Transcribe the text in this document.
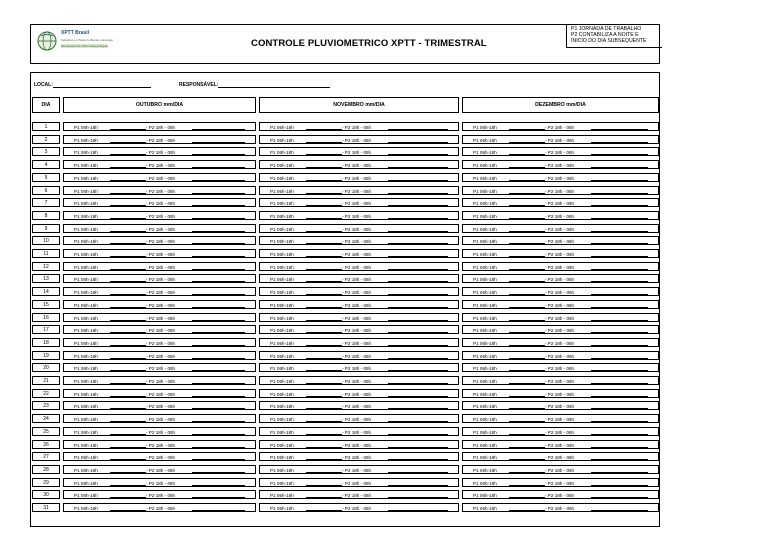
XPTT Brasil
Soluções em Meio Ambiente e Energia
Monitoramento Hidrometeorológico	CONTROLE PLUVIOMETRICO XPTT - TRIMESTRAL
P1 JORNADA DE TRABALHO
P2 CONTABILIZA A NOITE E
INICIO DO DIA SUBSEQUENTE
LOCAL:	RESPONSÁVEL:
DIA	OUTUBRO mm/DIA	NOVEMBRO mm/DIA	DEZEMBRO mm/DIA
1	P1 06h-18h	- P2 18h - 06h	P1 06h-18h	- P2 18h - 06h	P1 06h-18h	- P2 18h - 06h
2	P1 06h-18h	- P2 18h - 06h	P1 06h-18h	- P2 18h - 06h	P1 06h-18h	- P2 18h - 06h
3	P1 06h-18h	- P2 18h - 06h	P1 06h-18h	- P2 18h - 06h	P1 06h-18h	- P2 18h - 06h
4	P1 06h-18h	- P2 18h - 06h	P1 06h-18h	- P2 18h - 06h	P1 06h-18h	- P2 18h - 06h
5	P1 06h-18h	- P2 18h - 06h	P1 06h-18h	- P2 18h - 06h	P1 06h-18h	- P2 18h - 06h
6	P1 06h-18h	- P2 18h - 06h	P1 06h-18h	- P2 18h - 06h	P1 06h-18h	- P2 18h - 06h
7	P1 06h-18h	- P2 18h - 06h	P1 06h-18h	- P2 18h - 06h	P1 06h-18h	- P2 18h - 06h
8	P1 06h-18h	- P2 18h - 06h	P1 06h-18h	- P2 18h - 06h	P1 06h-18h	- P2 18h - 06h
9	P1 06h-18h	- P2 18h - 06h	P1 06h-18h	- P2 18h - 06h	P1 06h-18h	- P2 18h - 06h
10	P1 06h-18h	- P2 18h - 06h	P1 06h-18h	- P2 18h - 06h	P1 06h-18h	- P2 18h - 06h
11	P1 06h-18h	- P2 18h - 06h	P1 06h-18h	- P2 18h - 06h	P1 06h-18h	- P2 18h - 06h
12	P1 06h-18h	- P2 18h - 06h	P1 06h-18h	- P2 18h - 06h	P1 06h-18h	- P2 18h - 06h
13	P1 06h-18h	- P2 18h - 06h	P1 06h-18h	- P2 18h - 06h	P1 06h-18h	- P2 18h - 06h
14	P1 06h-18h	- P2 18h - 06h	P1 06h-18h	- P2 18h - 06h	P1 06h-18h	- P2 18h - 06h
15	P1 06h-18h	- P2 18h - 06h	P1 06h-18h	- P2 18h - 06h	P1 06h-18h	- P2 18h - 06h
16	P1 06h-18h	- P2 18h - 06h	P1 06h-18h	- P2 18h - 06h	P1 06h-18h	- P2 18h - 06h
17	P1 06h-18h	- P2 18h - 06h	P1 06h-18h	- P2 18h - 06h	P1 06h-18h	- P2 18h - 06h
18	P1 06h-18h	- P2 18h - 06h	P1 06h-18h	- P2 18h - 06h	P1 06h-18h	- P2 18h - 06h
19	P1 06h-18h	- P2 18h - 06h	P1 06h-18h	- P2 18h - 06h	P1 06h-18h	- P2 18h - 06h
20	P1 06h-18h	- P2 18h - 06h	P1 06h-18h	- P2 18h - 06h	P1 06h-18h	- P2 18h - 06h
21	P1 06h-18h	- P2 18h - 06h	P1 06h-18h	- P2 18h - 06h	P1 06h-18h	- P2 18h - 06h
22	P1 06h-18h	- P2 18h - 06h	P1 06h-18h	- P2 18h - 06h	P1 06h-18h	- P2 18h - 06h
23	P1 06h-18h	- P2 18h - 06h	P1 06h-18h	- P2 18h - 06h	P1 06h-18h	- P2 18h - 06h
24	P1 06h-18h	- P2 18h - 06h	P1 06h-18h	- P2 18h - 06h	P1 06h-18h	- P2 18h - 06h
25	P1 06h-18h	- P2 18h - 06h	P1 06h-18h	- P2 18h - 06h	P1 06h-18h	- P2 18h - 06h
26	P1 06h-18h	- P2 18h - 06h	P1 06h-18h	- P2 18h - 06h	P1 06h-18h	- P2 18h - 06h
27	P1 06h-18h	- P2 18h - 06h	P1 06h-18h	- P2 18h - 06h	P1 06h-18h	- P2 18h - 06h
28	P1 06h-18h	- P2 18h - 06h	P1 06h-18h	- P2 18h - 06h	P1 06h-18h	- P2 18h - 06h
29	P1 06h-18h	- P2 18h - 06h	P1 06h-18h	- P2 18h - 06h	P1 06h-18h	- P2 18h - 06h
30	P1 06h-18h	- P2 18h - 06h	P1 06h-18h	- P2 18h - 06h	P1 06h-18h	- P2 18h - 06h
31	P1 06h-18h	- P2 18h - 06h	P1 06h-18h	- P2 18h - 06h	P1 06h-18h	- P2 18h - 06h
